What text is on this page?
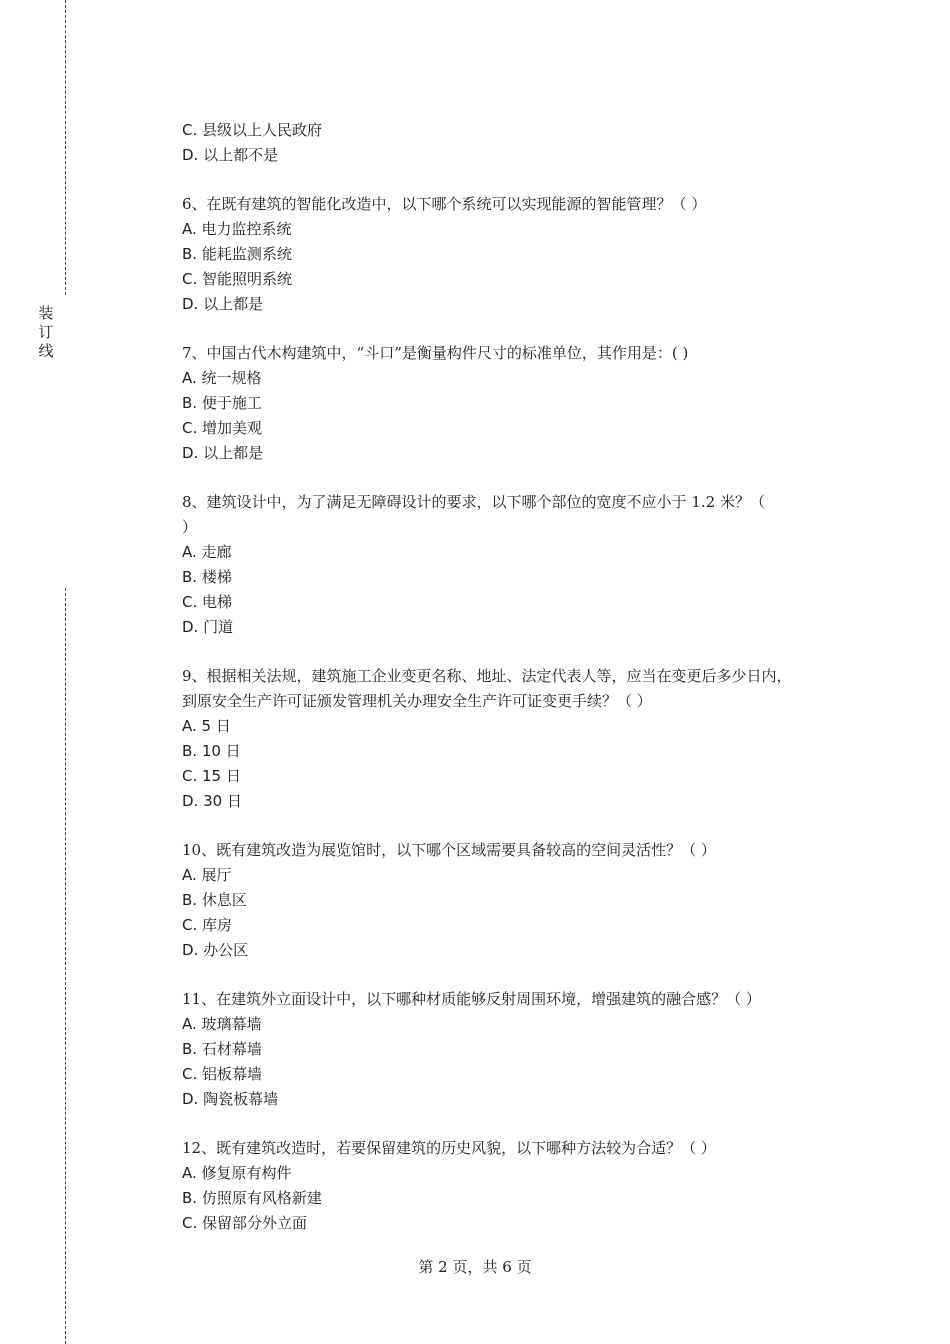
装
订
线
C. 县级以上人民政府
D. 以上都不是
6、在既有建筑的智能化改造中，以下哪个系统可以实现能源的智能管理？（ ）
A. 电力监控系统
B. 能耗监测系统
C. 智能照明系统
D. 以上都是
7、中国古代木构建筑中，“斗口”是衡量构件尺寸的标准单位，其作用是：( )
A. 统一规格
B. 便于施工
C. 增加美观
D. 以上都是
8、建筑设计中，为了满足无障碍设计的要求，以下哪个部位的宽度不应小于 1.2 米？（
）
A. 走廊
B. 楼梯
C. 电梯
D. 门道
9、根据相关法规，建筑施工企业变更名称、地址、法定代表人等，应当在变更后多少日内，
到原安全生产许可证颁发管理机关办理安全生产许可证变更手续？（ ）
A. 5 日
B. 10 日
C. 15 日
D. 30 日
10、既有建筑改造为展览馆时，以下哪个区域需要具备较高的空间灵活性？（ ）
A. 展厅
B. 休息区
C. 库房
D. 办公区
11、在建筑外立面设计中，以下哪种材质能够反射周围环境，增强建筑的融合感？（ ）
A. 玻璃幕墙
B. 石材幕墙
C. 铝板幕墙
D. 陶瓷板幕墙
12、既有建筑改造时，若要保留建筑的历史风貌，以下哪种方法较为合适？（ ）
A. 修复原有构件
B. 仿照原有风格新建
C. 保留部分外立面
第 2 页，共 6 页
